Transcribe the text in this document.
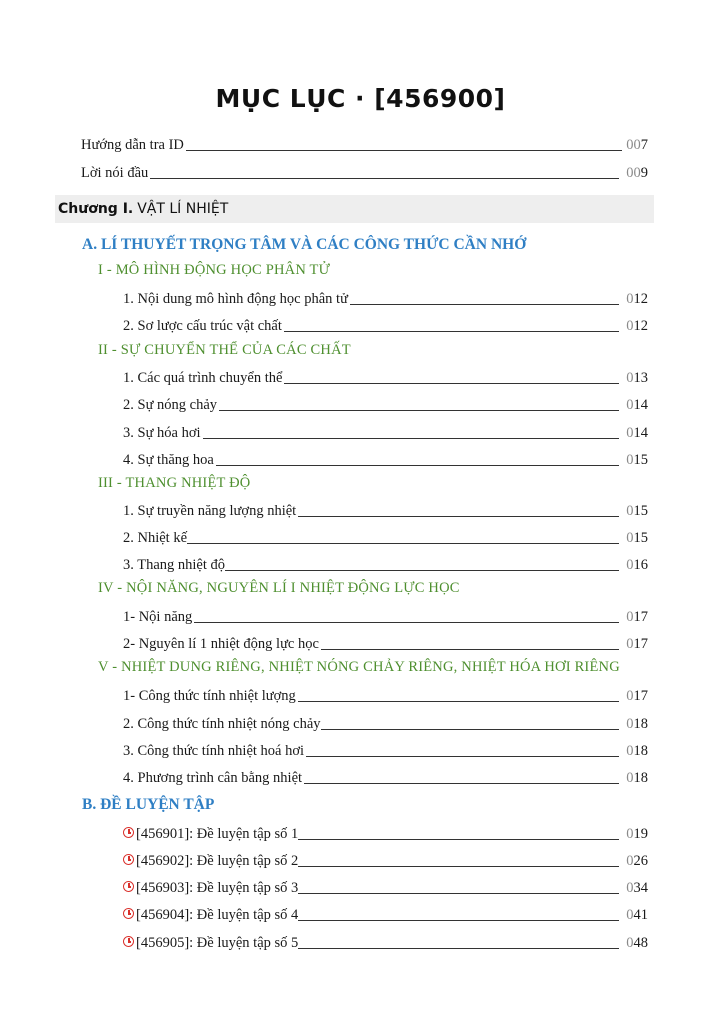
MỤC LỤC · [456900]
Hướng dẫn tra ID	007
Lời nói đầu	009
Chương I. VẬT LÍ NHIỆT
A. LÍ THUYẾT TRỌNG TÂM VÀ CÁC CÔNG THỨC CẦN NHỚ
I - MÔ HÌNH ĐỘNG HỌC PHÂN TỬ
1. Nội dung mô hình động học phân tử	012
2. Sơ lược cấu trúc vật chất	012
II - SỰ CHUYỂN THỂ CỦA CÁC CHẤT
1. Các quá trình chuyển thể	013
2. Sự nóng chảy	014
3. Sự hóa hơi	014
4. Sự thăng hoa	015
III - THANG NHIỆT ĐỘ
1. Sự truyền năng lượng nhiệt	015
2. Nhiệt kế	015
3. Thang nhiệt độ	016
IV - NỘI NĂNG, NGUYÊN LÍ I NHIỆT ĐỘNG LỰC HỌC
1- Nội năng	017
2- Nguyên lí 1 nhiệt động lực học	017
V - NHIỆT DUNG RIÊNG, NHIỆT NÓNG CHẢY RIÊNG, NHIỆT HÓA HƠI RIÊNG
1- Công thức tính nhiệt lượng	017
2. Công thức tính nhiệt nóng chảy	018
3. Công thức tính nhiệt hoá hơi	018
4. Phương trình cân bằng nhiệt	018
B. ĐỀ LUYỆN TẬP
[456901]: Đề luyện tập số 1	019
[456902]: Đề luyện tập số 2	026
[456903]: Đề luyện tập số 3	034
[456904]: Đề luyện tập số 4	041
[456905]: Đề luyện tập số 5	048
